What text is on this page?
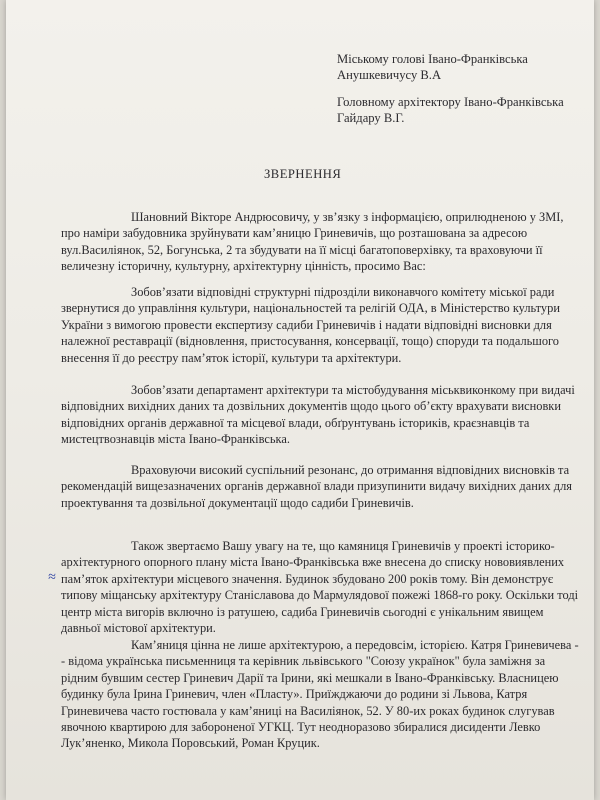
Міському голові Івано-Франківська
Анушкевичусу В.А
Головному архітектору Івано-Франківська
Гайдару В.Г.
ЗВЕРНЕННЯ
Шановний Вікторе Андрюсовичу, у зв’язку з інформацією, оприлюдненою у ЗМІ, про наміри забудовника зруйнувати кам’яницю Гриневичів, що розташована за адресою вул.Василіянок, 52, Богунська, 2 та збудувати на її місці багатоповерхівку, та враховуючи її величезну історичну, культурну, архітектурну цінність, просимо Вас:
Зобов’язати відповідні структурні підрозділи виконавчого комітету міської ради звернутися до управління культури, національностей та релігій ОДА, в Міністерство культури України з вимогою провести експертизу садиби Гриневичів і надати відповідні висновки для належної реставрації (відновлення, пристосування, консервації, тощо) споруди та подальшого внесення її до реєстру пам’яток історії, культури та архітектури.
Зобов’язати департамент архітектури та містобудування міськвиконкому при видачі відповідних вихідних даних та дозвільних документів щодо цього об’єкту врахувати висновки відповідних органів державної та місцевої влади, обґрунтувань істориків, краєзнавців та мистецтвознавців міста Івано-Франківська.
Враховуючи високий суспільний резонанс, до отримання відповідних висновків та рекомендацій вищезазначених органів державної влади призупинити видачу вихідних даних для проектування та дозвільної документації щодо садиби Гриневичів.
Також звертаємо Вашу увагу на те, що камяниця Гриневичів у проекті історико-архітектурного опорного плану міста Івано-Франківська вже внесена до списку нововиявлених пам’яток архітектури місцевого значення. Будинок збудовано 200 років тому. Він демонструє типову міщанську архітектуру Станіславова до Мармулядової пожежі 1868-го року. Оскільки тоді центр міста вигорів включно із ратушею, садиба Гриневичів сьогодні є унікальним явищем давньої містової архітектури.
Кам’яниця цінна не лише архітектурою, а передовсім, історією. Катря Гриневичева -- відома українська письменниця та керівник львівського "Союзу українок" була заміжня за рідним бувшим сестер Гриневич Дарії та Ірини, які мешкали в Івано-Франківську. Власницею будинку була Ірина Гриневич, член «Пласту». Приїжджаючи до родини зі Львова, Катря Гриневичева часто гостювала у кам’яниці на Василіянок, 52. У 80-их роках будинок слугував явочною квартирою для забороненої УГКЦ. Тут неодноразово збиралися дисиденти Левко Лук’яненко, Микола Поровський, Роман Круцик.
≈
